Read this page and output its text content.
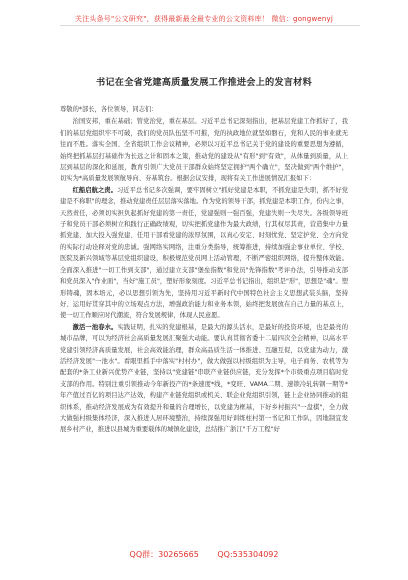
关注头条号"公文研究"，获得最新最全最专业的公文资料库！ 微信：gongwenyj
书记在全省党建高质量发展工作推进会上的发言材料

尊敬的*部长，各位领导，同志们：

治国安邦，重在基础；管党治党，重在基层。习近平总书记深刻指出，把基层党建工作抓好了，我们的基层党组织牢不可破，我们的党员队伍坚不可摧，党的执政地位就坚如磐石，党和人民的事业就无往而不胜。落实全国、全省组织工作会议精神，必须以习近平总书记关于党的建设的重要思想为遵循，始终把抓基层打基础作为长远之计和固本之策，推动党的建设从"有形"到"有效"，从体量到质量，从上层到基层的深化和延展，教育引领广大党员干部群众始终坚定拥护"两个确立"，坚决做到"两个维护"，切实为*高质量发展领航导向、夯基筑台。根据会议安排，现将有关工作进展情况汇报如下：

红船启航之责。习近平总书记多次强调，要牢固树立"抓好党建是本职，不抓党建是失职，抓不好党建是不称职"的理念，推动党建责任层层落实落地。作为党的领导干部，抓党建是本职工作，份内之事，天然责任，必须切实担负起抓好党建的第一责任，党建强则一强百强，党建失则一失尽失。各级领导班子和党员干部必须树立和践行正确政绩观，切实把抓党建作为最大政绩，行其权尽其责，营造集中力量抓党建、加大投入强党建、任用干部看党建的浓厚氛围，以真心安定、时刻忧党、坚定护党、全方向党的实际行动诠释对党的忠诚。强网络实网络，注重分类指导，统筹推进，持续加强企事业单位、学校、医院及新兴领域等基层党组织建设，积极规范党员网上活动管理，不断严密组织网络，提升整体效能。全面深入推进"一切工作到支部"，通过建立支部"堡垒指数"和党员"先锋指数"考评办法，引导推动支部和党员深入"作业面"，当好"施工员"，塑好形象刻度。习近平总书记指出，组织是"形"，思想是"魂"。塑形铸魂，固本培元，必以思想引领为先，坚持用习近平新时代中国特色社会主义思想武装头脑，坚持好、运用好贯穿其中的立场观点方法，增强政治能力和业务本领，始终把发展放在自己力量的基点上，使一切工作顺应时代潮流，符合发展规律，体现人民意愿。

激活一池春水。实践证明，扎实的党建根基，是最大的源头活水，是最好的投资环境，也是最亮的城市品牌，可以为经济社会高质量发展汇聚强大动能。要认真贯彻省委十二届四次全会精神，以高水平党建引领经济高质量发展，社会高效能治理，群众高品质生活一体推进、互融互促，以党建为动力，激活经济发展"一池水"。看眼里抓手中落实"村村办"，做大做强以村级组织为主导，电子商务、农机等为配套的*条工业新兴优势产业链，坚持以"党建链"串联产业链供应链，充分发挥*个市级重点项目临时党支部的作用。特别注重引领推动今年新投产的*条速度*线，*变旺、VAMA二期、速锁冷轧转钢一期等*年产值过百亿的项目达产达效，构建产业链党组织或机关、联企业党组织引领，链上企业协同推动的组织体系，推动经济发展成为有效提升和量的合理增长，以党建为框基，下好乡村振兴"一盘棋"，全力做大做强村级集体经济，深入推进人居环境整治，持续深强用好训练柱村第一书记和工作队，因地制宜发展乡村产业，推进以县城为重要载体的城镇化建设，总结推广浙江"千万工程"好

QQ群：30265665 QQ:535304092
